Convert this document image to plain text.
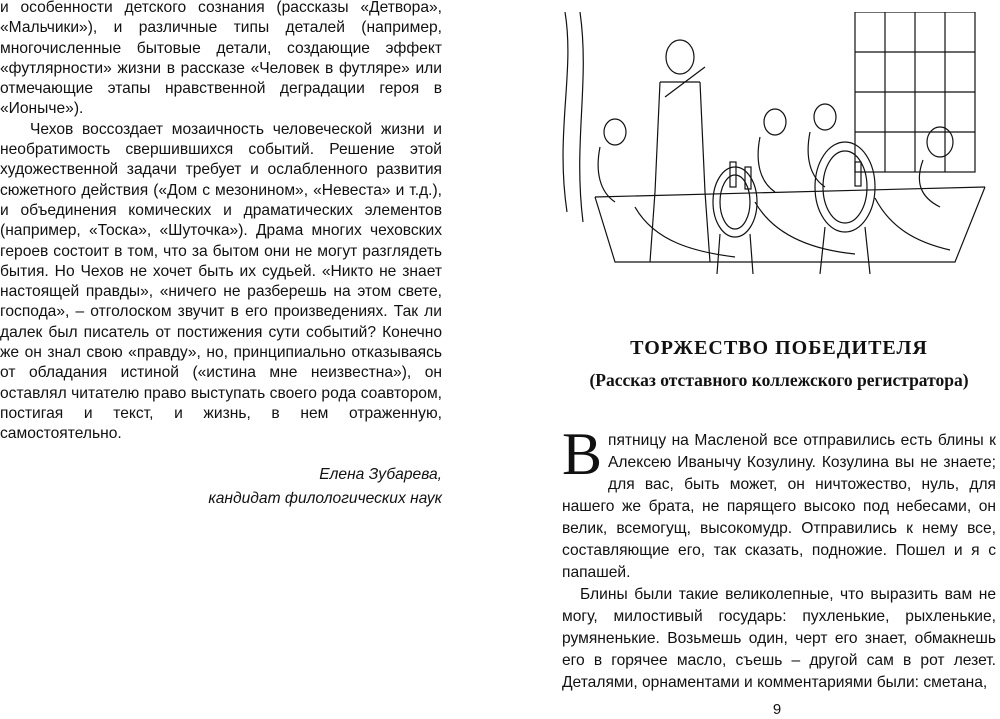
и особенности детского сознания (рассказы «Детвора», «Мальчики»), и различные типы деталей (например, многочисленные бытовые детали, создающие эффект «футлярности» жизни в рассказе «Человек в футляре» или отмечающие этапы нравственной деградации героя в «Ионыче»).

Чехов воссоздает мозаичность человеческой жизни и необратимость свершившихся событий. Решение этой художественной задачи требует и ослабленного развития сюжетного действия («Дом с мезонином», «Невеста» и т.д.), и объединения комических и драматических элементов (например, «Тоска», «Шуточка»). Драма многих чеховских героев состоит в том, что за бытом они не могут разглядеть бытия. Но Чехов не хочет быть их судьей. «Никто не знает настоящей правды», «ничего не разберешь на этом свете, господа», – отголоском звучит в его произведениях. Так ли далек был писатель от постижения сути событий? Конечно же он знал свою «правду», но, принципиально отказываясь от обладания истиной («истина мне неизвестна»), он оставлял читателю право выступать своего рода соавтором, постигая и текст, и жизнь, в нем отраженную, самостоятельно.

Елена Зубарева,
кандидат филологических наук
ТОРЖЕСТВО ПОБЕДИТЕЛЯ
(Рассказ отставного коллежского регистратора)

В пятницу на Масленой все отправились есть блины к Алексею Иванычу Козулину. Козулина вы не знаете; для вас, быть может, он ничтожество, нуль, для нашего же брата, не парящего высоко под небесами, он велик, всемогущ, высокомудр. Отправились к нему все, составляющие его, так сказать, подножие. Пошел и я с папашей.

Блины были такие великолепные, что выразить вам не могу, милостивый государь: пухленькие, рыхленькие, румяненькие. Возьмешь один, черт его знает, обмакнешь его в горячее масло, съешь – другой сам в рот лезет. Деталями, орнаментами и комментариями были: сметана,

9
